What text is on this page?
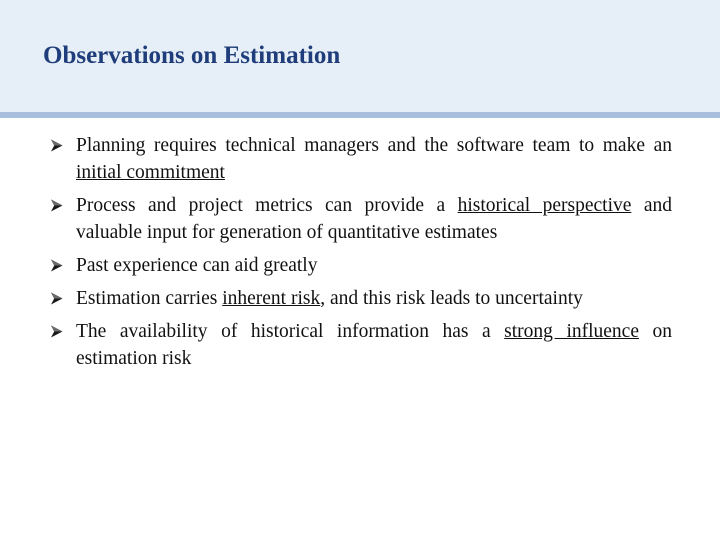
Observations on Estimation
Planning requires technical managers and the software team to make an initial commitment
Process and project metrics can provide a historical perspective and valuable input for generation of quantitative estimates
Past experience can aid greatly
Estimation carries inherent risk, and this risk leads to uncertainty
The availability of historical information has a strong influence on estimation risk
